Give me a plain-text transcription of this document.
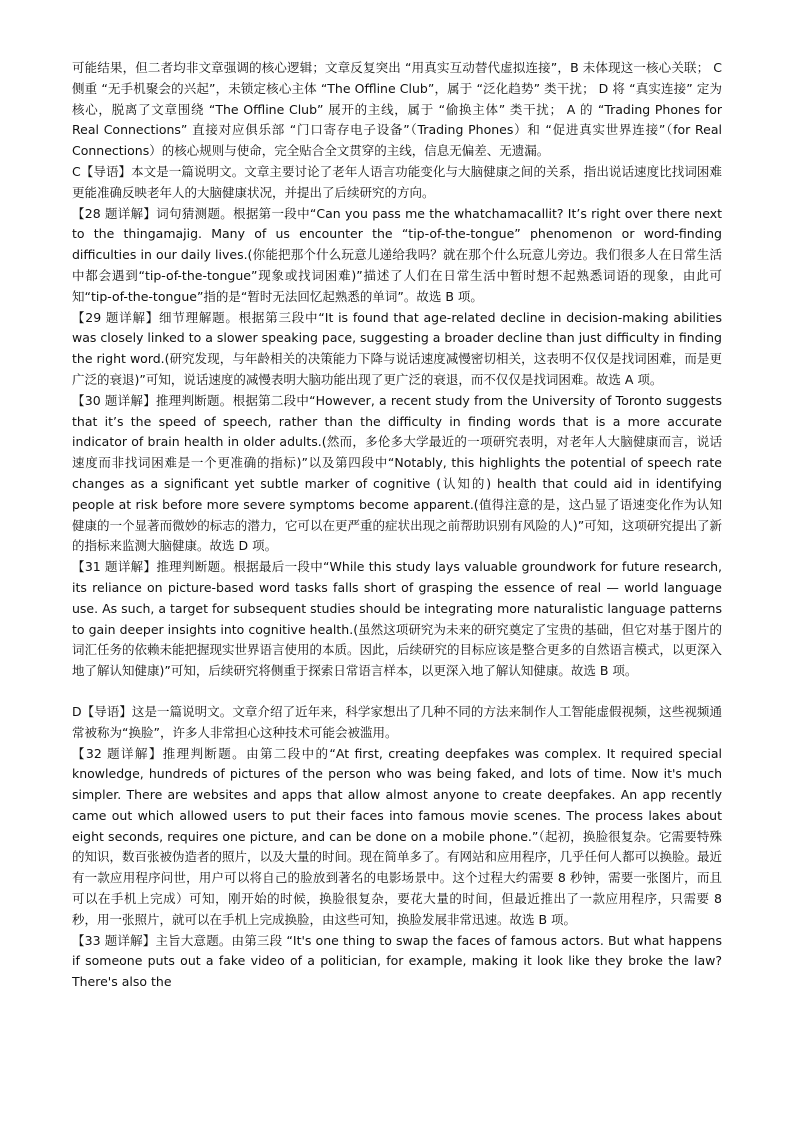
可能结果，但二者均非文章强调的核心逻辑；文章反复突出 “用真实互动替代虚拟连接”，B 未体现这一核心关联； C 侧重 “无手机聚会的兴起”，未锁定核心主体 “The Offline Club”，属于 “泛化趋势” 类干扰； D 将 “真实连接” 定为核心，脱离了文章围绕 “The Offline Club” 展开的主线，属于 “偷换主体” 类干扰； A 的 “Trading Phones for Real Connections” 直接对应俱乐部 “门口寄存电子设备”（Trading Phones）和 “促进真实世界连接”（for Real Connections）的核心规则与使命，完全贴合全文贯穿的主线，信息无偏差、无遗漏。

C【导语】本文是一篇说明文。文章主要讨论了老年人语言功能变化与大脑健康之间的关系，指出说话速度比找词困难更能准确反映老年人的大脑健康状况，并提出了后续研究的方向。

【28 题详解】词句猜测题。根据第一段中“Can you pass me the whatchamacallit? It’s right over there next to the thingamajig. Many of us encounter the “tip-of-the-tongue” phenomenon or word-finding difficulties in our daily lives.(你能把那个什么玩意儿递给我吗？就在那个什么玩意儿旁边。我们很多人在日常生活中都会遇到“tip-of-the-tongue”现象或找词困难)”描述了人们在日常生活中暂时想不起熟悉词语的现象，由此可知“tip-of-the-tongue”指的是“暂时无法回忆起熟悉的单词”。故选 B 项。

【29 题详解】细节理解题。根据第三段中“It is found that age-related decline in decision-making abilities was closely linked to a slower speaking pace, suggesting a broader decline than just difficulty in finding the right word.(研究发现，与年龄相关的决策能力下降与说话速度减慢密切相关，这表明不仅仅是找词困难，而是更广泛的衰退)”可知，说话速度的减慢表明大脑功能出现了更广泛的衰退，而不仅仅是找词困难。故选 A 项。

【30 题详解】推理判断题。根据第二段中“However, a recent study from the University of Toronto suggests that it’s the speed of speech, rather than the difficulty in finding words that is a more accurate indicator of brain health in older adults.(然而，多伦多大学最近的一项研究表明，对老年人大脑健康而言，说话速度而非找词困难是一个更准确的指标)”以及第四段中“Notably, this highlights the potential of speech rate changes as a significant yet subtle marker of cognitive (认知的) health that could aid in identifying people at risk before more severe symptoms become apparent.(值得注意的是，这凸显了语速变化作为认知健康的一个显著而微妙的标志的潜力，它可以在更严重的症状出现之前帮助识别有风险的人)”可知，这项研究提出了新的指标来监测大脑健康。故选 D 项。

【31 题详解】推理判断题。根据最后一段中“While this study lays valuable groundwork for future research, its reliance on picture-based word tasks falls short of grasping the essence of real — world language use. As such, a target for subsequent studies should be integrating more naturalistic language patterns to gain deeper insights into cognitive health.(虽然这项研究为未来的研究奠定了宝贵的基础，但它对基于图片的词汇任务的依赖未能把握现实世界语言使用的本质。因此，后续研究的目标应该是整合更多的自然语言模式，以更深入地了解认知健康)”可知，后续研究将侧重于探索日常语言样本，以更深入地了解认知健康。故选 B 项。

D【导语】这是一篇说明文。文章介绍了近年来，科学家想出了几种不同的方法来制作人工智能虚假视频，这些视频通常被称为“换脸”，许多人非常担心这种技术可能会被滥用。

【32 题详解】推理判断题。由第二段中的“At first, creating deepfakes was complex. It required special knowledge, hundreds of pictures of the person who was being faked, and lots of time. Now it's much simpler. There are websites and apps that allow almost anyone to create deepfakes. An app recently came out which allowed users to put their faces into famous movie scenes. The process lakes about eight seconds, requires one picture, and can be done on a mobile phone.”（起初，换脸很复杂。它需要特殊的知识，数百张被伪造者的照片，以及大量的时间。现在简单多了。有网站和应用程序，几乎任何人都可以换脸。最近有一款应用程序问世，用户可以将自己的脸放到著名的电影场景中。这个过程大约需要 8 秒钟，需要一张图片，而且可以在手机上完成）可知，刚开始的时候，换脸很复杂，要花大量的时间，但最近推出了一款应用程序，只需要 8 秒，用一张照片，就可以在手机上完成换脸，由这些可知，换脸发展非常迅速。故选 B 项。

【33 题详解】主旨大意题。由第三段 “It's one thing to swap the faces of famous actors. But what happens if someone puts out a fake video of a politician, for example, making it look like they broke the law? There's also the
